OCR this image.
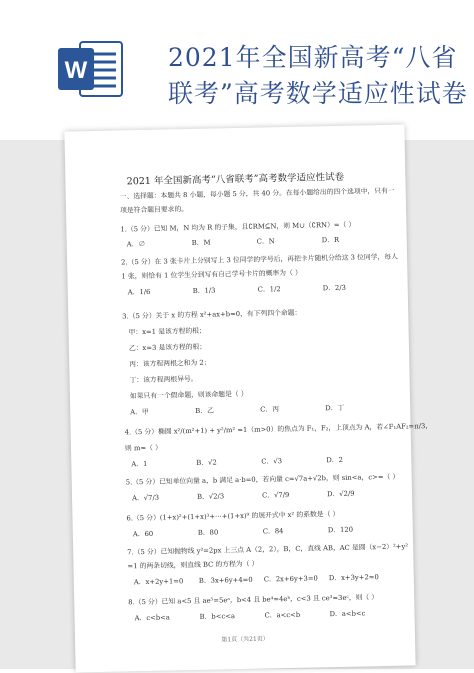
W	2021年全国新高考“八省
联考”高考数学适应性试卷
2021 年全国新高考“八省联考”高考数学适应性试卷
一、选择题：本题共 8 小题，每小题 5 分，共 40 分。在每小题给出的四个选项中，只有一
项是符合题目要求的。
1.（5 分）已知 M，N 均为 R 的子集，且∁RM⊆N，则 M∪（∁RN）=（ ）
A．∅	B．M	C．N	D．R
2.（5 分）在 3 张卡片上分别写上 3 位同学的学号后，再把卡片随机分给这 3 位同学，每人
1 张，则恰有 1 位学生分到写有自己学号卡片的概率为（ ）
A．1/6	B．1/3	C．1/2	D．2/3
3.（5 分）关于 x 的方程 x²+ax+b=0，有下列四个命题：
甲：x=1 是该方程的根；
乙：x=3 是该方程的根；
丙：该方程两根之和为 2；
丁：该方程两根异号。
如果只有一个假命题，则该命题是（ ）
A．甲	B．乙	C．丙	D．丁
4.（5 分）椭圆 x²/(m²+1) + y²/m² =1（m>0）的焦点为 F₁，F₂，上顶点为 A，若∠F₁AF₂=π/3，
则 m=（ ）
A．1	B．√2	C．√3	D．2
5.（5 分）已知单位向量 a，b 满足 a·b=0，若向量 c=√7a+√2b，则 sin<a，c>=（ ）
A．√7/3	B．√2/3	C．√7/9	D．√2/9
6.（5 分）(1+x)²+(1+x)³+⋯+(1+x)⁹ 的展开式中 x² 的系数是（ ）
A．60	B．80	C．84	D．120
7.（5 分）已知抛物线 y²=2px 上三点 A（2，2），B，C，直线 AB，AC 是圆（x−2）²+y²
=1 的两条切线，则直线 BC 的方程为（ ）
A．x+2y+1=0 B．3x+6y+4=0 C．2x+6y+3=0 D．x+3y+2=0
8.（5 分）已知 a<5 且 ae⁵=5eᵃ，b<4 且 be⁴=4eᵇ，c<3 且 ce³=3eᶜ，则（ ）
A．c<b<a	B．b<c<a	C．a<c<b	D．a<b<c
第1页（共21页）
